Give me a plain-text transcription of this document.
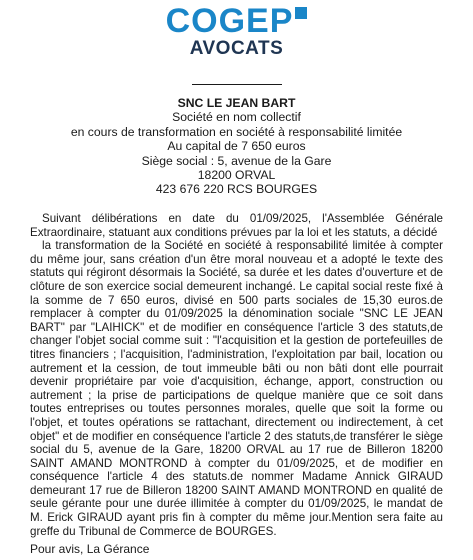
COGEP
AVOCATS
SNC LE JEAN BART
Société en nom collectif
en cours de transformation en société à responsabilité limitée
Au capital de 7 650 euros
Siège social : 5, avenue de la Gare
18200 ORVAL
423 676 220 RCS BOURGES

Suivant délibérations en date du 01/09/2025, l'Assemblée Générale Extraordinaire, statuant aux conditions prévues par la loi et les statuts, a décidé

la transformation de la Société en société à responsabilité limitée à compter du même jour, sans création d'un être moral nouveau et a adopté le texte des statuts qui régiront désormais la Société, sa durée et les dates d'ouverture et de clôture de son exercice social demeurent inchangé. Le capital social reste fixé à la somme de 7 650 euros, divisé en 500 parts sociales de 15,30 euros.de remplacer à compter du 01/09/2025 la dénomination sociale "SNC LE JEAN BART" par "LAIHICK" et de modifier en conséquence l'article 3 des statuts,de changer l'objet social comme suit : "l'acquisition et la gestion de portefeuilles de titres financiers ; l'acquisition, l'administration, l'exploitation par bail, location ou autrement et la cession, de tout immeuble bâti ou non bâti dont elle pourrait devenir propriétaire par voie d'acquisition, échange, apport, construction ou autrement ; la prise de participations de quelque manière que ce soit dans toutes entreprises ou toutes personnes morales, quelle que soit la forme ou l'objet, et toutes opérations se rattachant, directement ou indirectement, à cet objet" et de modifier en conséquence l'article 2 des statuts,de transférer le siège social du 5, avenue de la Gare, 18200 ORVAL au 17 rue de Billeron 18200 SAINT AMAND MONTROND à compter du 01/09/2025, et de modifier en conséquence l'article 4 des statuts.de nommer Madame Annick GIRAUD demeurant 17 rue de Billeron 18200 SAINT AMAND MONTROND en qualité de seule gérante pour une durée illimitée à compter du 01/09/2025, le mandat de M. Erick GIRAUD ayant pris fin à compter du même jour.Mention sera faite au greffe du Tribunal de Commerce de BOURGES.

Pour avis, La Gérance
